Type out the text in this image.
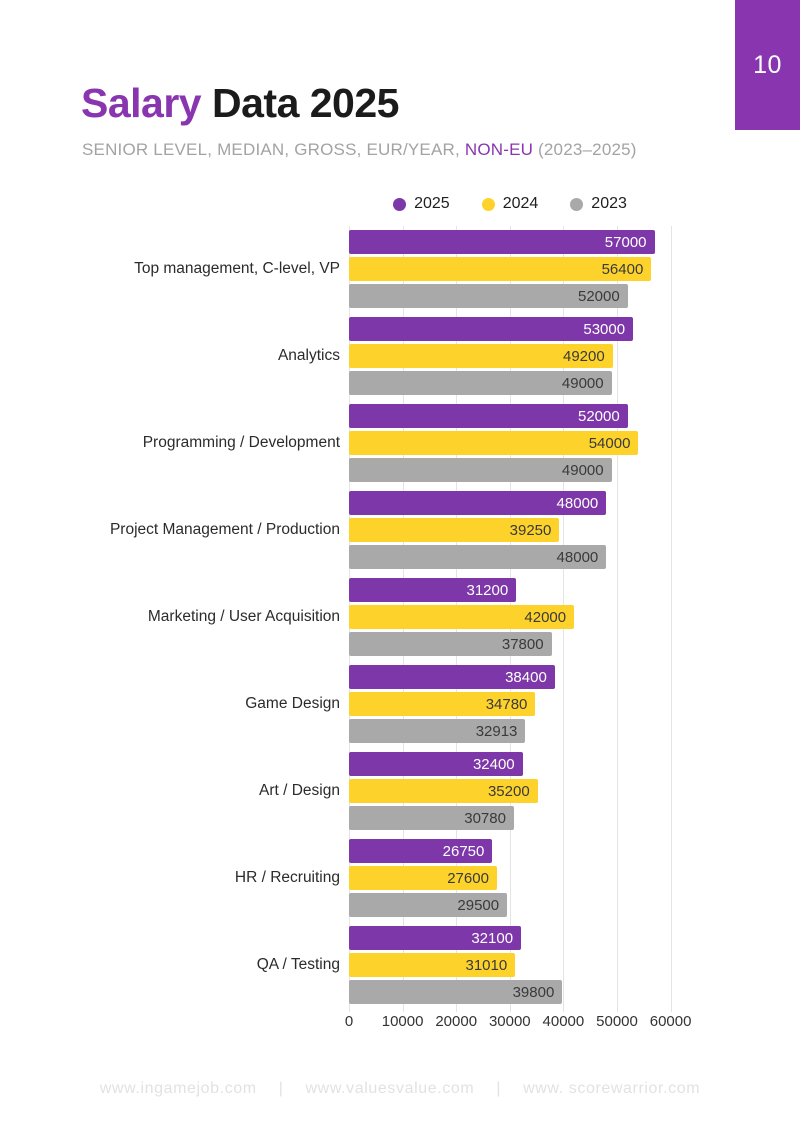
10
Salary Data 2025
SENIOR LEVEL, MEDIAN, GROSS, EUR/YEAR, NON-EU (2023–2025)
2025	2024	2023
Top management, C-level, VP
57000
56400
52000
Analytics
53000
49200
49000
Programming / Development
52000
54000
49000
Project Management / Production
48000
39250
48000
Marketing / User Acquisition
31200
42000
37800
Game Design
38400
34780
32913
Art / Design
32400
35200
30780
HR / Recruiting
26750
27600
29500
QA / Testing
32100
31010
39800
0 10000 20000 30000 40000 50000 60000
www.ingamejob.com | www.valuesvalue.com | www. scorewarrior.com
